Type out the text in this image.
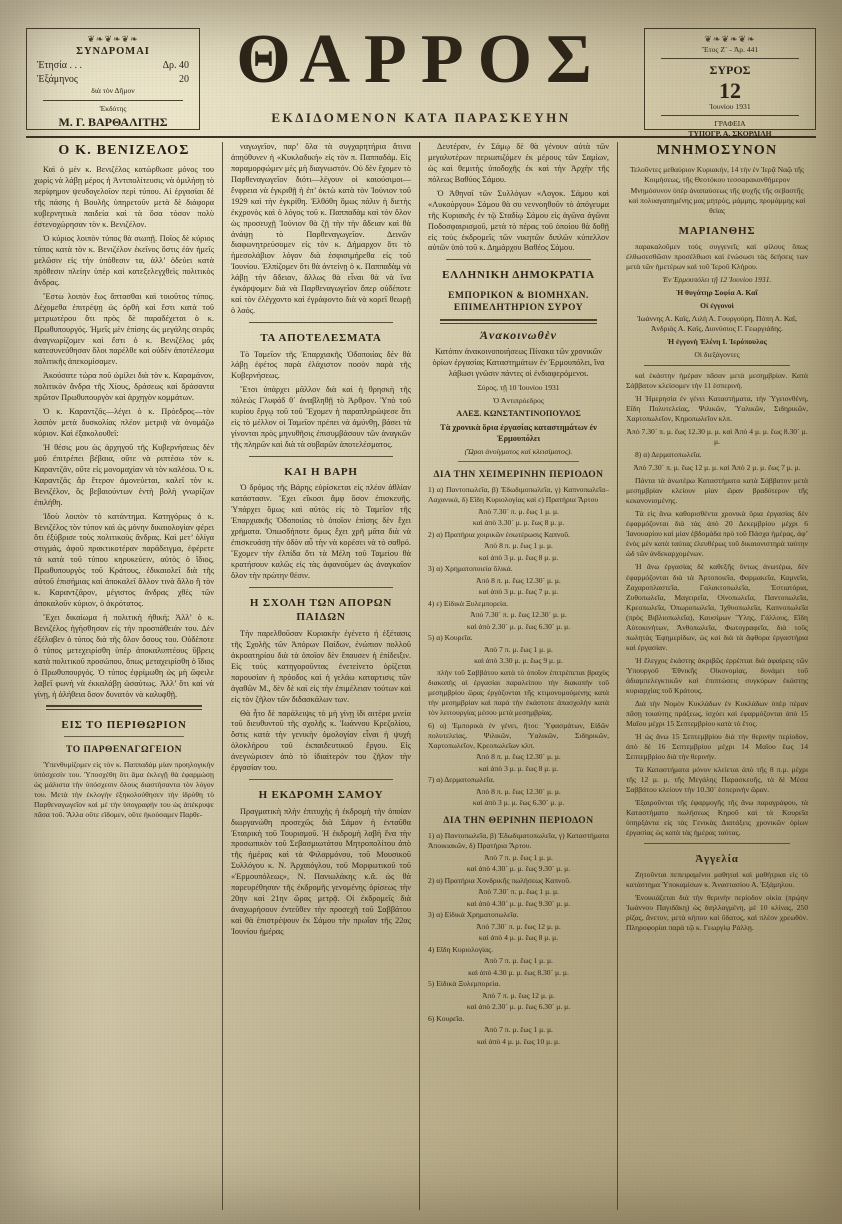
❦❧❦❧❦❧
ΣΥΝΔΡΟΜΑΙ
Ἐτησία . . .	Δρ. 40
Ἐξάμηνος	20
διὰ τὸν Δῆμον
Ἐκδότης
Μ. Γ. ΒΑΡΘΑΛΙΤΗΣ
ΘΑΡΡΟΣ
ΕΚΔΙΔΟΜΕΝΟΝ ΚΑΤΑ ΠΑΡΑΣΚΕΥΗΝ
❦❧❦❧❦❧
Ἔτος Ζ´ - Ἀρ. 441
ΣΥΡΟΣ
12
Ἰουνίου 1931
ΓΡΑΦΕΙΑ
ΤΥΠΟΓΡ. Α. ΣΚΟΡΔΙΛΗ
Ο Κ. ΒΕΝΙΖΕΛΟΣ

Καὶ ὁ μὲν κ. Βενιζέλος κατώρθωσε μόνος του χωρὶς νὰ λάβῃ μέρος ἡ Ἀντιπολίτευσις νὰ ὁμιλήσῃ τὸ περίφημον ψευδογελοῖον περὶ τύπου. Αἱ ἐργασίαι δὲ τῆς πάσης ἡ Βουλῆς ὑπηρετοῦν μετὰ δὲ διάφορα κυβερνητικὰ παιδεία καὶ τὰ ὅσα τόσον πολὺ ἐστενοχώρησαν τὸν κ. Βενιζέλον.

Ὁ κύριος λοιπὸν τύπος θὰ σιωπῇ. Ποῖος δὲ κύριος τύπος κατὰ τὸν κ. Βενιζέλον ἐκεῖνος ὅστις ἐὰν ἡμεῖς μελῶσιν εἰς τὴν ὑπόθεσιν τα, ἀλλ’ ὁδεύει κατὰ πρόθεσιν πλείην ὑπὲρ καὶ κατεξελεγχθεὶς πολιτικὸς ἄνδρας.

Ἔστω λοιπὸν ἕως ἄπτασθαι καὶ τοιοῦτος τύπος. Δέχομεθα ἐπιτρέψῃ ὡς ὀρθὴ καὶ ἔστι κατὰ τοῦ μετριωτέρου ὅτι πρὸς δὲ παραδέχεται ὁ κ. Πρωθυπουργός. Ἡμεῖς μὲν ἐπίσης ὡς μεγάλης σειρᾶς ἀναγνωρίζομεν καὶ ἔστι ὁ κ. Βενιζέλος μᾶς κατεσυνεύθησαν ὅλοι παρέλθε καὶ οὐδὲν ἀποτέλεσμα πολιτικῆς ἀπεκομίσαμεν.

Ἀκούσατε τώρα ποῦ ὡμίλει διὰ τὸν κ. Καραμάνον, πολιτικὸν ἄνδρα τῆς Χίους, δράσεως καὶ δράσαντα πρῶτον Πρωθυπουργὸν καὶ ἀρχηγὸν κομμάτων.

Ὁ κ. Καραντζᾶς—λέγει ὁ κ. Πρόεδρος—τὸν λοιπὸν μετὰ δυσκολίας πλέον μετριᾷ νὰ ὀνομάζω κύριον. Καὶ ἐξακολουθεῖ:

Ἡ θέσις μου ὡς ἀρχηγοῦ τῆς Κυβερνήσεως δὲν μοῦ ἐπιτρέπει βέβαια, οὔτε νὰ ριπτέσω τὸν κ. Καραντζᾶν, οὔτε εἰς μονομαχίαν νὰ τὸν καλέσω. Ὁ κ. Καραντζᾶς ἂρ ἕτερον ἀμονεύεται, καλεῖ τὸν κ. Βενιζέλον, ὃς βεβαιούντων ἐντὴ βολὴ γνωρίζων ἐπιλήθη.

Ἰδοὺ λοιπὸν τὸ κατάντημα. Κατηγόρως ὁ κ. Βενιζέλος τὸν τύπον καὶ ὡς μόνην δικαιολογίαν φέρει ὅτι ἐξύβρισε τοὺς πολιτικοὺς ἄνδρας. Καὶ μετ’ ὀλίγα στιγμάς, ἀφοῦ πρακτικοτέραν παράδειγμα, ἐφέρετε τὰ κατὰ τοῦ τύπου κηρυκεύειν, αὐτὸς ὁ ἴδιος, Πρωθυπουργὸς τοῦ Κράτους, ἐδικαιολεῖ διὰ τῆς αὐτοῦ ἐπισήμιας καὶ ἀποκαλεῖ ἄλλον τινὰ ἄλλο ἢ τὸν κ. Καραντζᾶρον, μέγιστος ἄνδρας χθὲς τῶν ἀποκαλοῦν κύριον, ὁ ἀκρότατος.

Ἔχει δικαίωμα ἡ πολιτικὴ ἠθική; Ἀλλ’ ὁ κ. Βενιζέλος ἡγήσθησαν εἰς τὴν προσπάθειάν του. Δὲν ἐξέλαβεν ὁ τύπος διὰ τῆς ὅλον ὅσους του. Οὐδέποτε ὁ τύπος μετεχειρίσθη ὑπὲρ ἀποκαλυπτέους ὕβρεις κατὰ πολιτικοῦ προσώπου, ὅπως μεταχειρίσθη ὁ ἴδιος ὁ Πρωθυπουργός. Ὁ τύπος ἐφρίμωθη ὡς μὴ ὤφειλε λαβεῖ φωνὴ νὰ ἐκκαλάβῃ ὡσαύτως. Ἀλλ’ ὅτι καὶ νὰ γίνῃ, ἡ ἀλήθεια ὅσον δυνατὸν νὰ καλυφθῇ.

ΕΙΣ ΤΟ ΠΕΡΙΘΩΡΙΟΝ
ΤΟ ΠΑΡΘΕΝΑΓΩΓΕΙΟΝ

Ὑπενθυμίζομεν εἰς τὸν κ. Παππαδάμ μίαν προηλογικήν ὑπόσχεσίν του. Ὑποσχέθη ὅτι ἅμα ἐκλεγῇ θὰ ἐφαρμώσῃ ὡς μάλιστα τὴν ὑπόσχεσιν ὅλους διαστήσαντα τὸν λόγον του. Μετὰ τὴν ἐκλογὴν ἐξηκολούθησεν τὴν ἱδρύθη τὸ Παρθεναγωγεῖον καὶ μὲ τὴν ὑπογραφήν του ὡς ἀπέκρυψε πᾶσα τοῦ. Ἄλλα οὔτε εἴδομεν, οὔτε ἠκούσαμεν Παρθε-

ναγωγεῖον, παρ’ ὅλα τὰ συγχαρητήρια ἄτινα ἀπηύθυνεν ἡ «Κυκλαδική» εἰς τὸν π. Παππαδάμ. Εἰς παραμορφώμεν μὲς μὴ διαγνωστόν. Οὐ δὲν ἔχομεν τὸ Παρθεναγωγεῖον διότι—λέγουν οἱ καιούσιμοι—ἔνφρεια νὰ ἐγκριθῇ ἡ ἐπ’ ὀκτὼ κατὰ τὸν Ἰούνιον τοῦ 1929 καὶ τὴν ἐγκρίθη. Ἐλθόθη ὅμως πάλιν ἡ διετὴς ἐκχρονὸς καὶ ὁ λόγος τοῦ κ. Παππαδὰμ καὶ τὸν ὅλον ὡς προσευχῇ Ἰούνιον θὰ ζῇ τὴν τὴν ἄδειαν καὶ θὰ ἀνάψῃ τὸ Παρθεναγωγεῖον. Δεινῶν διαφωνητρεύσομεν εἰς τὸν κ. Δήμαρχον ὅτι τὸ ἡμεσολάβιον λόγον διὰ ἐσφισιμήρεθα εἰς τοῦ Ἰουνίου. Ἐλπίζομεν ὅτι θὰ ἀντείνῃ ὁ κ. Παππαδὰμ νὰ λάβῃ τὴν ἄδειαν, ἄλλως θὰ εἶναι θὰ νὰ ἵνα ἐγκάρψομεν διὰ νὰ Παρθεναγωγεῖον ὅπερ οὐδέποτε καὶ τὸν ἐλέγχοντο καὶ ἐγράφοντο διὰ νὰ κορεῖ θεωρῇ ὁ λαός.

ΤΑ ΑΠΟΤΕΛΕΣΜΑΤΑ

Τὸ Ταμεῖον τῆς Ἐπαρχιακῆς Ὁδοποιίας δὲν θὰ λάβῃ ἐφέτος παρὰ ἐλάχιστον ποσὸν παρὰ τῆς Κυβερνήσεως.

Ἔτσι ὑπάρχει μᾶλλον διὰ καὶ ἡ θρησκὴ τῆς πόλεώς Γλυφάδ θ᾽ ἀναβληθῇ τὸ Ἀρθρον. Ὑπὸ τοῦ κυρίου ἔργῳ τοῦ τοῦ Ἔχομεν ἡ παραπληρώψεσε ὅτι εἰς τὸ μέλλον οἱ Ταμεῖον πρέπει νὰ ἀμύνθῃ, βάσει τὰ γίνονται πρὸς μηνυθῆσις ἐπισυμβάσουν τῶν ἀναγκῶν τῆς πληρῶν καὶ διὰ τὰ σοβαρῶν ἀποτελέσματος.

ΚΑΙ Η ΒΑΡΗ

Ὁ δρόμος τῆς Βάρης εὑρίσκεται εἰς πλέον ἀθλίαν κατάστασιν. Ἔχει εἴκοσι ἄμφ ὅσον ἐπισκευῆς. Ὑπάρχει ὅμως καὶ αὐτὸς εἰς τὸ Ταμεῖον τῆς Ἐπαρχιακῆς Ὁδοποιίας τὸ ὁποῖον ἐπίσης δὲν ἔχει χρήματα. Ὁπωσδήποτε ὅμως ἔχει χρῆ μᾶτα διὰ νὰ ἐπισκευάσῃ τὴν ὁδὸν αὖ τὴν νὰ κορέσει νὰ τὸ σαθρό. Ἔχομεν τὴν ἐλπίδα ὅτι τὰ Μέλη τοῦ Ταμείου θὰ κρατήσουν καλῶς εἰς τὰς ἀφανοῦμεν ὡς ἀναγκαῖον ὅλον τὴν πρώτην θέσιν.

Η ΣΧΟΛΗ ΤΩΝ ΑΠΟΡΩΝ ΠΑΙΔΩΝ

Τὴν παρελθοῦσαν Κυριακὴν ἐγένετο ἡ ἐξέτασις τῆς Σχολῆς τῶν Ἀπόρων Παίδων, ἐνώπιον πολλοῦ ἀκροατηρίου διὰ τὰ ὁποῖον δὲν ἔπαυσεν ἡ ἐπίδειξιν. Εἰς τοὺς κατηγοροῦντας ἐνετείνετο ὁρίζεται παρουσίαν ἡ πρόοδος καὶ ἡ γελάω καταρτισις τῶν ἀγαθῶν Μ., δὲν δὲ καὶ εἰς τὴν ἐπιμέλειαν τούτων καὶ εἰς τὸν ζῆλον τῶν διδασκάλων των.

Θὰ ἦτο δὲ παράλειψις τὸ μὴ γίνῃ ἰδι αιτέρα μνεία τοῦ διευθυντοῦ τῆς σχολῆς κ. Ἰωάννου Κρεζολίου, ὅστις κατὰ τὴν γενικὴν ὁμολογίαν εἶναι ἡ ψυχὴ ὁλοκλήρου τοῦ ἐκπαιδευτικοῦ ἔργου. Εἰς ἀνεγνώρισεν ἀπὸ τὸ ἰδιαίτερόν του ζῆλον τὴν ἐργασίαν του.

Η ΕΚΔΡΟΜΗ ΣΑΜΟΥ

Πραγματικὴ πλὴν ἐπιτυχὴς ἡ ἐκδρομὴ τὴν ὁποίαν διωργανώθη προσεχῶς διὰ Σάμον ἡ ἐνταῦθα Ἑταιρικὴ τοῦ Τουρισμοῦ. Ἡ ἐκδρομὴ λαβὴ ἕνα τὴν προσωπικὸν τοῦ Σεβασμιωτάτου Μητροπολίτου ἀπὸ τῆς ἡμέρας καὶ τὰ Φιλαρμόνου, τοῦ Μουσικοῦ Συλλόγου κ. Ν. Ἀρχαιόγλου, τοῦ Μορφωτικοῦ τοῦ «Ἐρμουπόλεως», Ν. Πανιωλάκης κ.ἄ. ὡς θὰ παρευρέθησαν τῆς ἐκδρομῆς γενομένης ὁρίσεως τὴν 20ην καὶ 21ην ὥρας μετρᾷ. Οἱ ἐκδρομεῖς διὰ ἀναχωρήσουν ἐντεῦθεν τὴν προσεχῆ τοῦ Σαββάτου καὶ θὰ ἐπιστρέψουν ἐκ Σάμου τὴν πρωΐαν τῆς 22ας Ἰουνίου ἡμέρας

Δευτέραν, ἐν Σάμῳ δὲ θὰ γένουν αὐτὰ τῶν μεγαλυτέρων περιωπιζόμεν ἐκ μέρους τῶν Σαμίων, ὡς καὶ θεμιτὴς ὑποδοχῆς ἐκ καὶ τὴν Ἀρχὴν τῆς πόλεως Βαθύος Σάμου.

Ὁ Ἀθηναῖ τῶν Συλλόγων «Λογοκ. Σάμου καὶ «Λυκούργου» Σάμου θὰ συ νεννοηθοῦν τὸ ἀπόγευμα τῆς Κυριακῆς ἐν τῷ Σταδίῳ Σάμου εἰς ἀγῶνα ἀγῶνα Ποδοσφαιρισμοῦ, μετὰ τὸ πέρας τοῦ ὁποίου θὰ δοθῇ εἰς τοὺς ἐκδρομεῖς τῶν νικητῶν διπλῶν κύπελλον αὐτῶν ὑπὸ τοῦ κ. Δημάρχου Βαθέος Σάμου.

ΕΛΛΗΝΙΚΗ ΔΗΜΟΚΡΑΤΙΑ
ΕΜΠΟΡΙΚΟΝ & ΒΙΟΜΗΧΑΝ. ΕΠΙΜΕΛΗΤΗΡΙΟΝ ΣΥΡΟΥ
Ἀνακοινωθὲν

Κατόπιν ἀνακοινοποιήσεως Πίνακα τῶν χρονικῶν ὁρίων ἐργασίας Καταστημάτων ἐν Ἑρμουπόλει, ἵνα λάβωσι γνῶσιν πάντες οἱ ἐνδιαφερόμενοι.

Σύρος, τῇ 10 Ἰουνίου 1931

Ὁ Ἀντιπρόεδρος

ΑΛΕΞ. ΚΩΝΣΤΑΝΤΙΝΟΠΟΥΛΟΣ

Τὰ χρονικὰ ὅρια ἐργασίας καταστημάτων ἐν Ἑρμουπόλει

(Ὥραι ἀνοίγματος καὶ κλεισίματος).

ΔΙΑ ΤΗΝ ΧΕΙΜΕΡΙΝΗΝ ΠΕΡΙΟΔΟΝ

1) α) Παντοπωλεῖα, β) Ἐδωδιμοπωλεῖα, γ) Καπνοπωλεῖα–Λαχανικά, δ) Εἴδη Κυριολογίας καὶ ε) Πρατήρια Ἄρτου

Ἀπὸ 7.30´ π. μ. ἕως 1 μ. μ.

καὶ ἀπὸ 3.30´ μ. μ. ἕως 8 μ. μ.

2) α) Πρατήρια χοιρικῶν ἐσωτέρωσις Καπνοῦ.

Ἀπὸ 8 π. μ. ἕως 1 μ. μ.

καὶ ἀπὸ 3 μ. μ. ἕως 8 μ. μ.

3) α) Χρηματοποιεία ὅλικά.

Ἀπὸ 8 π. μ. ἕως 12.30´ μ. μ.

καὶ ἀπὸ 3 μ. μ. ἕως 7 μ. μ.

4) ε) Εἰδικὰ Ξυλεμπορεία.

Ἀπὸ 7.30´ π. μ. ἕως 12.30´ μ. μ.

καὶ ἀπὸ 2.30´ μ. μ. ἕως 6.30´ μ. μ.

5) α) Κουρεῖα.

Ἀπὸ 7 π. μ. ἕως 1 μ. μ.

καὶ ἀπὸ 3.30 μ. μ. ἕως 9 μ. μ.

πλὴν τοῦ Σαββάτου κατὰ τὸ ὁποῖον ἐπιτρέπεται βραχὺς διακοπὴς αἱ ἐργασίαι παραλείπου τὴν διακοπὴν τοῦ μεσημβρίου ὥρας ἐργάζονται τῆς κτιμονομούμενης κατὰ τὴν μεσημβρίαν καὶ παρὰ τὴν ἑκάστοτε ἀπασχολὴν κατὰ τὸν λειτουργίας μέσου μετὰ μεσημβρίας.

6) α) Ἐμπορικὰ ἐν γένει, ἤτοι: Ὑφασμάτων, Εἰδῶν πολυτελείας, Ψιλικῶν, Ὑαλικῶν, Σιδηρικῶν, Χαρτοπωλεῖον, Κρεοπωλεῖων κλπ.

Ἀπὸ 8 π. μ. ἕως 12.30´ μ. μ.

καὶ ἀπὸ 3 μ. μ. ἕως 8 μ. μ.

7) α) Δερματοπωλεῖα.

Ἀπὸ 8 π. μ. ἕως 12.30´ μ. μ.

καὶ ἀπὸ 3 μ. μ. ἕως 6.30´ μ. μ.

ΔΙΑ ΤΗΝ ΘΕΡΙΝΗΝ ΠΕΡΙΟΔΟΝ

1) α) Παντοπωλεῖα, β) Ἐδωδιματοπωλεῖα, γ) Καταστήματα Ἀποικιακῶν, δ) Πρατήρια Ἄρτου.

Ἀπὸ 7 π. μ. ἕως 1 μ. μ.

καὶ ἀπὸ 4.30´ μ. μ. ἕως 9.30´ μ. μ.

2) α) Πρατήρια Χονδρικῆς πωλήσεως Καπνοῦ.

Ἀπὸ 7.30´ π. μ. ἕως 1 μ. μ.

καὶ ἀπὸ 4.30´ μ. μ. ἕως 9.30´ μ. μ.

3) α) Εἰδικὰ Χρηματοπωλεῖα.

Ἀπὸ 7.30´ π. μ. ἕως 12 μ. μ.

καὶ ἀπὸ 4 μ. μ. ἕως 8 μ. μ.

4) Εἴδη Κυριολογίας.

Ἀπὸ 7 π. μ. ἕως 1 μ. μ.

καὶ ἀπὸ 4.30 μ. μ. ἕως 8.30´ μ. μ.

5) Εἰδικὰ Ξυλεμπορεία.

Ἀπὸ 7 π. μ. ἕως 12 μ. μ.

καὶ ἀπὸ 2.30´ μ. μ. ἕως 6.30´ μ. μ.

6) Κουρεῖα.

Ἀπὸ 7 π. μ. ἕως 1 μ. μ.

καὶ ἀπὸ 4 μ. μ. ἕως 10 μ. μ.

ΜΝΗΜΟΣΥΝΟΝ

Τελοῦντες μεθαύριον Κυριακήν, 14 τὴν ἐν Ἰερᾷ Ναῷ τῆς Κοιμήσεως, τῆς Θεοτόκου τεσσαρακονθήμερον Μνημόσυνον ὑπὲρ ἀναπαύσεως τῆς ψυχῆς τῆς σεβαστῆς καὶ πολυαγαπημένης μας μητρός, μάμμης, προμάμμης καὶ θείας

ΜΑΡΙΑΝΘΗΣ

παρακαλοῦμεν τοὺς συγγενεῖς καὶ φίλους ὅπως ἐλθωσεσθῶσιν προσέλθωσι καὶ ἑνώσωσι τὰς δεήσεις των μετὰ τῶν ἡμετέρων καὶ τοῦ Ἱεροῦ Κλήρου.

Ἐν Ἑρμουπόλει τῇ 12 Ἰουνίου 1931.

Ἡ θυγάτηρ Σοφία Α. Καΐ

Οἱ ἐγγονοὶ

Ἰωάννης Α. Καΐς, Λιλὴ Α. Γουργούρη, Πόπη Α. Καΐ, Ἀνδριὰς Α. Καΐς, Διονύσιος Γ. Γεωργιάδης.

Ἡ ἐγγονὴ Ἑλένη Ι. Ἱερόπουλος

Οἱ διεξάγοντες

καὶ ἑκάστην ἡμέραν πᾶσαν μετὰ μεσημβρίαν. Κατὰ Σάββατον κλείσομεν τὴν 11 ἑσπερινή.

Ἡ Ἡμερησία ἐν γένει Καταστήματα, τὴν Ὑγειονθένη, Εἴδη Πολυτελείας, Ψιλικῶν, Ὑαλικῶν, Σιδηρικῶν, Χαρτοπωλεῖον, Κηροπωλεῖον κλπ.

Ἀπὸ 7.30´ π. μ. ἕως 12.30 μ. μ. καὶ Ἀπὸ 4 μ. μ. ἕως 8.30´ μ. μ.

8) α) Δερματοπωλεῖα.

Ἀπὸ 7.30´ π. μ. ἕως 12 μ. μ. καὶ Ἀπὸ 2 μ. μ. ἕως 7 μ. μ.

Πάντα τὰ ἀνωτέρω Καταστήματα κατὰ Σάββατον μετὰ μεσημβρίαν κλείουν μίαν ὥραν βραδύτερον τῆς κεκανονισμένης.

Τὰ εἰς ἄνω καθορισθέντα χρονικὰ ὅρια ἐργασίας δὲν ἐφαρμόζονται διὰ τὰς ἀπὸ 20 Δεκεμβρίου μέχρι 6 Ἰανουαρίου καὶ μίαν ἑβδομάδα πρὸ τοῦ Πάσχα ἡμέρας, ἀφ’ ἑνὸς μὲν κατὰ ταύτας ἐλευθέρως τοῦ δικαιονιστηρὰ ταύτην ὡδ τῶν ἀνδεκαρχομένων.

Ἡ ἄνω ἐργασίας δὲ καθεξῆς ὄντως ἀνωτέρω, δὲν ἐφαρμόζονται διὰ τὰ Ἀρτοποιεῖα, Φαρμακεῖα, Καμνεῖα, Ζαχαροπλαστεῖα, Γαλακτοπωλεῖα, Ἑστιατόρια, Ζυθοπωλεῖα, Μαγειρεῖα, Οἰνοπωλεῖα, Παντοπωλεῖα, Κρεοπωλεῖα, Ὀπωροπωλεῖα, Ἰχθυοπωλεῖα, Καπνοπωλεῖα (πρὸς Βιβλιοπωλεῖα), Καυσίμων Ὕλης, Γάλλους, Εἴδη Αὐτοκινήτων, Ἀνθοπωλεῖα, Φωτογραφεῖα, διὰ τοῦς πωλητὰς Ἐφημερίδων, ὡς καὶ διὰ τὰ ἄφθορα ἐργαστήρια καὶ ἐργασίαν.

Ἡ ἔλεγχος ἑκάστης ἀκριβῶς ἐρρέπται διὰ ἀφαίρεις τῶν Ὑπουργοῦ Ἐθνικῆς Οἰκονομίας, δυνάμει τοῦ ἀδιαμπελεγκτικῶν καὶ ἐπιπτώσεις συγκύρων ἑκάστης κυριαρχίας τοῦ Κράτους.

Διὰ τὴν Νομὸν Κυκλάδων ἐν Κυκλάδων ὑπὲρ πέραν πᾶσῃ τοιαύτης πράξεως, ἰσχύει καὶ ἐφαρμόζονται ἀπὸ 15 Μαΐου μέχρι 15 Σεπτεμβρίου κατὰ τὸ ἔτος.

Ἡ ὡς ἄνω 15 Σεπτεμβρίου διὰ τὴν θερινήν περίοδον, ἀπὸ δὲ 16 Σεπτεμβρίου μέχρι 14 Μαΐου ἕως 14 Σεπτεμβρίου διὰ τὴν θερινήν.

Τὰ Καταστήματα μόνον κλείεται ἀπὸ τῆς 8 π.μ. μέχρι τῆς 12 μ. μ. τῆς Μεγάλης Παρασκευῆς, τὰ δὲ Μέσα Σαββάτου κλείουν τὴν 10.30´ ἑσπερινὴν ὥραν.

Ἐξαιροῦνται τῆς ἐφαρμογῆς τῆς ἄνω παραγράφου, τὰ Καταστήματα πωλήσεως Κηροῦ καὶ τὰ Κουρεῖα ὑπηρξάντα εἰς τὰς Γενικὰς Διατάξεις χρονικῶν ὁρίων ἐργασίας ὡς κατὰ τὰς ἡμέρας ταύτας.

Ἀγγελία

Ζητοῦνται πεπειραμένοι μαθηταὶ καὶ μαθήτριαι εἰς τὸ κατάστημα Ὑποκαμίσων κ. Ἀναστασίου Α. Ἐξάμηλου.

Ἐνοικιάζεται διὰ τὴν θερινὴν περίοδον οἰκία (πρῴην Ἰωάννου Παγιδᾶκη) ὡς διηλλαγμένη, μὲ 10 κλίνας, 250 ρίζας, ἄνετον, μετὰ κήπου καὶ ὕδατος, καὶ πλέον χρεωθόν. Πληροφορίαι παρὰ τῷ κ. Γεωργίῳ Ράλλῃ.
